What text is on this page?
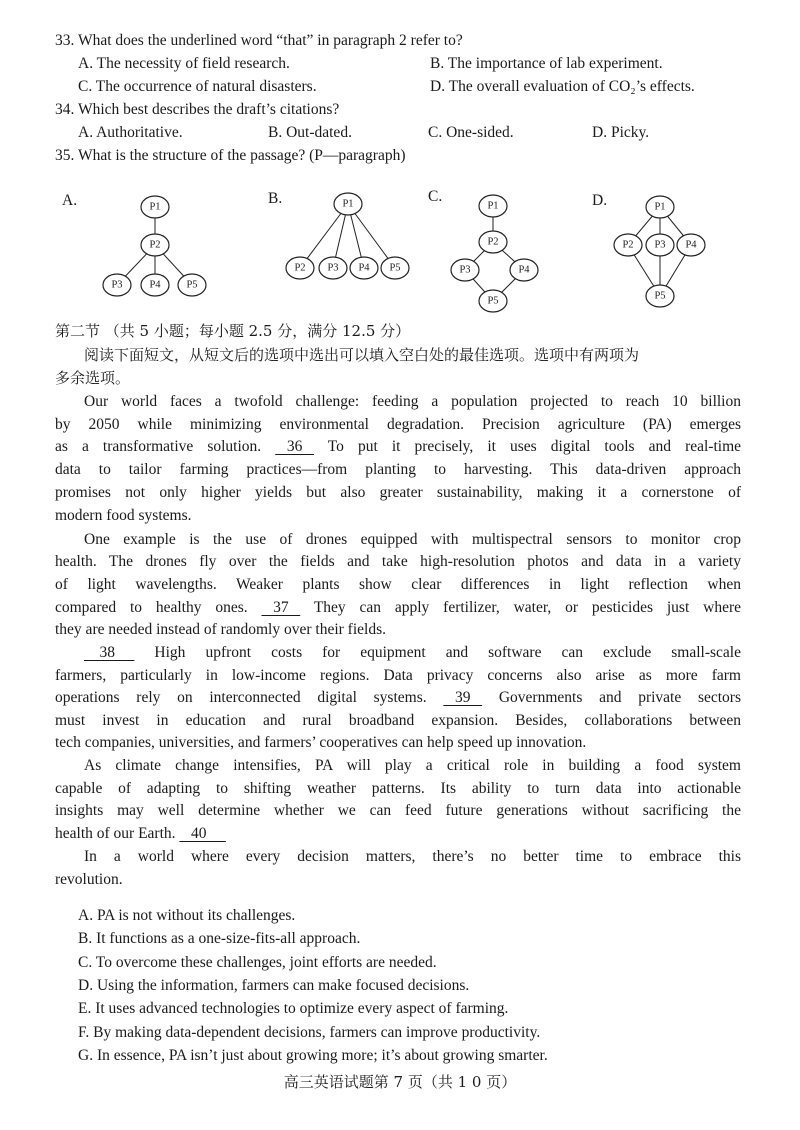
33. What does the underlined word “that” in paragraph 2 refer to?
A. The necessity of field research.	B. The importance of lab experiment.
C. The occurrence of natural disasters.	D. The overall evaluation of CO₂’s effects.
34. Which best describes the draft’s citations?
A. Authoritative.	B. Out-dated.	C. One-sided.	D. Picky.
35. What is the structure of the passage? (P—paragraph)
A.	B.	C.	D.
P1
P2
P3	P4 P5
P1
P2 P3 P4 P5
P1
P2
P3	P4
P5
P1
P2 P3 P4
P5
第二节 （共 5 小题；每小题 2.5 分，满分 12.5 分）
阅读下面短文，从短文后的选项中选出可以填入空白处的最佳选项。选项中有两项为
多余选项。
Our world faces a twofold challenge: feeding a population projected to reach 10 billion
by 2050 while minimizing environmental degradation. Precision agriculture (PA) emerges
as a transformative solution.    36    To put it precisely, it uses digital tools and real-time
data to tailor farming practices—from planting to harvesting. This data-driven approach
promises not only higher yields but also greater sustainability, making it a cornerstone of
modern food systems.
One example is the use of drones equipped with multispectral sensors to monitor crop
health. The drones fly over the fields and take high-resolution photos and data in a variety
of light wavelengths. Weaker plants show clear differences in light reflection when
compared to healthy ones.    37    They can apply fertilizer, water, or pesticides just where
they are needed instead of randomly over their fields.
38      High upfront costs for equipment and software can exclude small-scale
farmers, particularly in low-income regions. Data privacy concerns also arise as more farm
operations rely on interconnected digital systems.    39    Governments and private sectors
must invest in education and rural broadband expansion. Besides, collaborations between
tech companies, universities, and farmers’ cooperatives can help speed up innovation.
As climate change intensifies, PA will play a critical role in building a food system
capable of adapting to shifting weather patterns. Its ability to turn data into actionable
insights may well determine whether we can feed future generations without sacrificing the
health of our Earth.    40
In a world where every decision matters, there’s no better time to embrace this
revolution.
A. PA is not without its challenges.
B. It functions as a one-size-fits-all approach.
C. To overcome these challenges, joint efforts are needed.
D. Using the information, farmers can make focused decisions.
E. It uses advanced technologies to optimize every aspect of farming.
F. By making data-dependent decisions, farmers can improve productivity.
G. In essence, PA isn’t just about growing more; it’s about growing smarter.
高三英语试题第 7 页（共 1 0 页）
